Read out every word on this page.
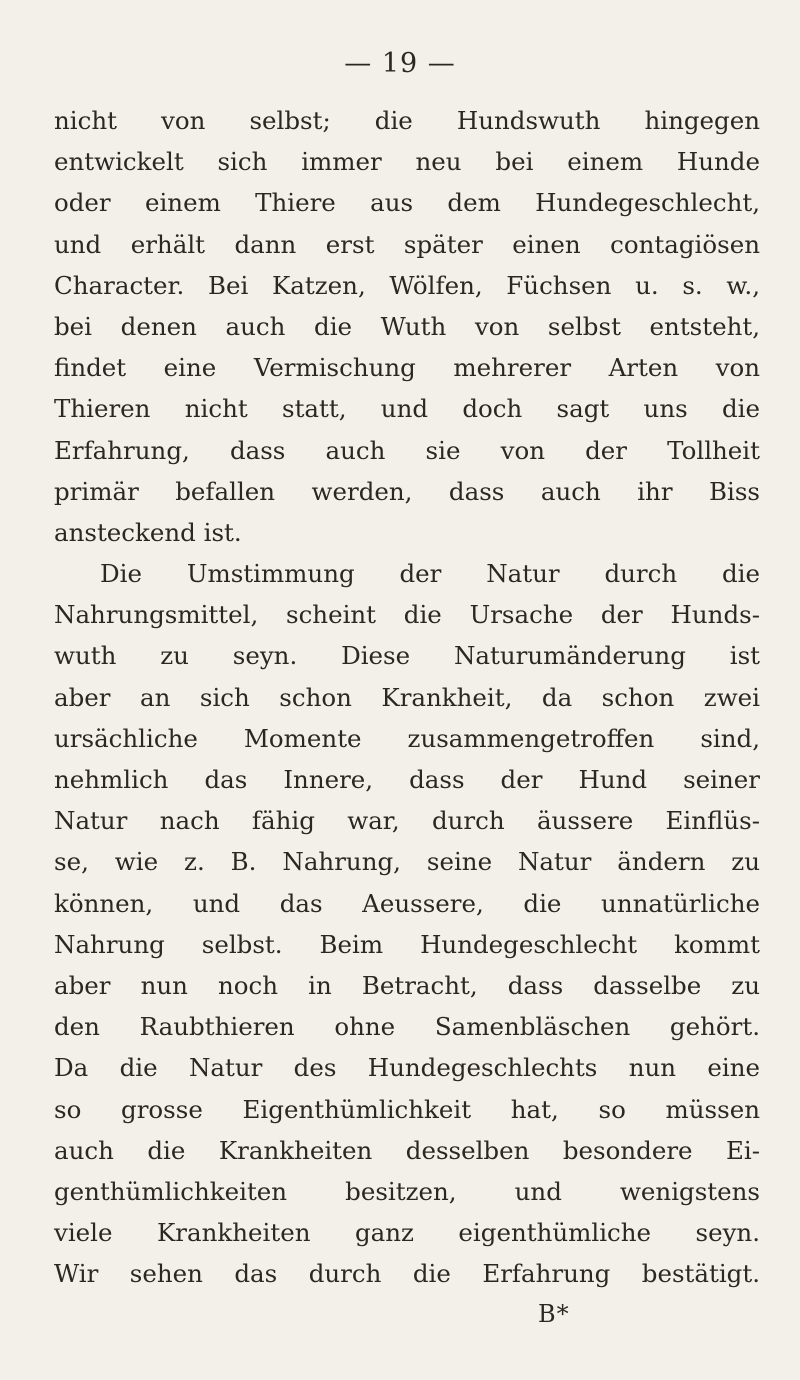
— 19 —
nicht von selbst; die Hundswuth hingegen
entwickelt sich immer neu bei einem Hunde
oder einem Thiere aus dem Hundegeschlecht,
und erhält dann erst später einen contagiösen
Character. Bei Katzen, Wölfen, Füchsen u. s. w.,
bei denen auch die Wuth von selbst entsteht,
findet eine Vermischung mehrerer Arten von
Thieren nicht statt, und doch sagt uns die
Erfahrung, dass auch sie von der Tollheit
primär befallen werden, dass auch ihr Biss
ansteckend ist.
Die Umstimmung der Natur durch die
Nahrungsmittel, scheint die Ursache der Hunds-
wuth zu seyn. Diese Naturumänderung ist
aber an sich schon Krankheit, da schon zwei
ursächliche Momente zusammengetroffen sind,
nehmlich das Innere, dass der Hund seiner
Natur nach fähig war, durch äussere Einflüs-
se, wie z. B. Nahrung, seine Natur ändern zu
können, und das Aeussere, die unnatürliche
Nahrung selbst. Beim Hundegeschlecht kommt
aber nun noch in Betracht, dass dasselbe zu
den Raubthieren ohne Samenbläschen gehört.
Da die Natur des Hundegeschlechts nun eine
so grosse Eigenthümlichkeit hat, so müssen
auch die Krankheiten desselben besondere Ei-
genthümlichkeiten besitzen, und wenigstens
viele Krankheiten ganz eigenthümliche seyn.
Wir sehen das durch die Erfahrung bestätigt.
B*
